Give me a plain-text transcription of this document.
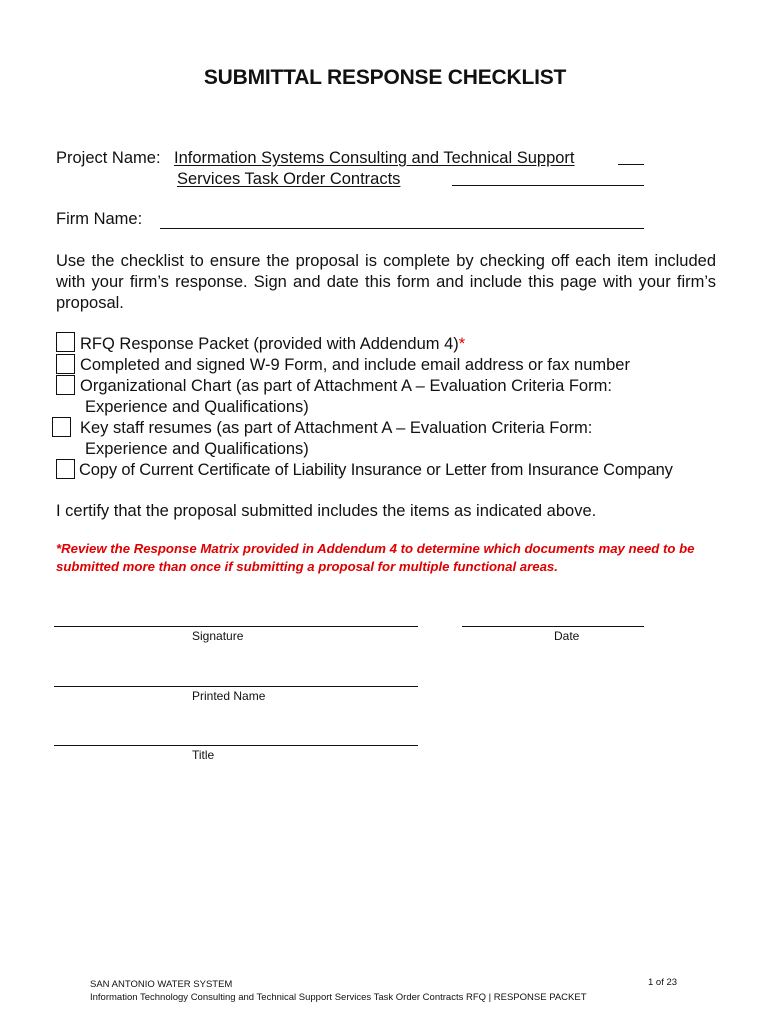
SUBMITTAL RESPONSE CHECKLIST
Project Name: Information Systems Consulting and Technical Support
Services Task Order Contracts
Firm Name:
Use the checklist to ensure the proposal is complete by checking off each item included with your firm’s response. Sign and date this form and include this page with your firm’s proposal.
RFQ Response Packet (provided with Addendum 4)*
Completed and signed W-9 Form, and include email address or fax number
Organizational Chart (as part of Attachment A – Evaluation Criteria Form:
Experience and Qualifications)
Key staff resumes (as part of Attachment A – Evaluation Criteria Form:
Experience and Qualifications)
Copy of Current Certificate of Liability Insurance or Letter from Insurance Company
I certify that the proposal submitted includes the items as indicated above.
*Review the Response Matrix provided in Addendum 4 to determine which documents may need to be submitted more than once if submitting a proposal for multiple functional areas.
Signature	Date
Printed Name
Title
SAN ANTONIO WATER SYSTEM
Information Technology Consulting and Technical Support Services Task Order Contracts RFQ | RESPONSE PACKET
1 of 23
